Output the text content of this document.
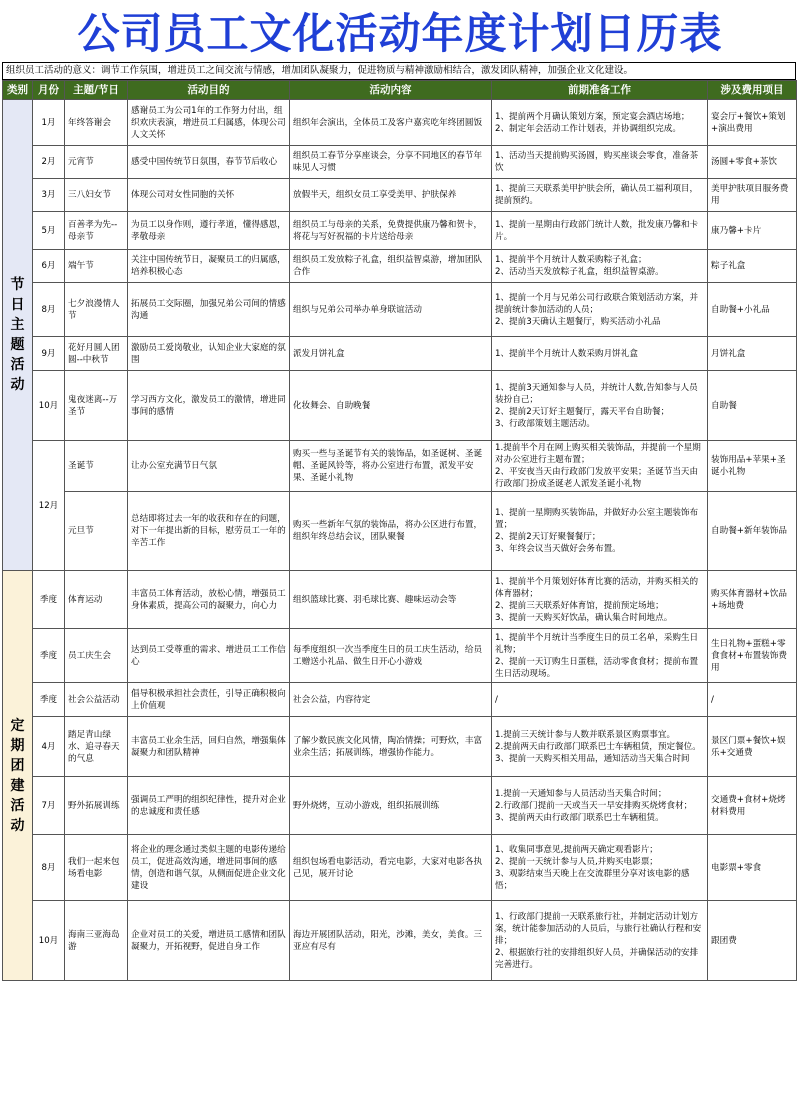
公司员工文化活动年度计划日历表
组织员工活动的意义：调节工作氛围，增进员工之间交流与情感，增加团队凝聚力，促进物质与精神激励相结合，激发团队精神，加强企业文化建设。
类别	月份	主题/节日	活动目的	活动内容	前期准备工作	涉及费用项目

节日主题活动	1月	年终答谢会	感谢员工为公司1年的工作努力付出，组织欢庆表演，增进员工归属感，体现公司人文关怀	组织年会演出，全体员工及客户嘉宾吃年终团圆饭	1、提前两个月确认策划方案，预定宴会酒店场地；
2、制定年会活动工作计划表，并协调组织完成。	宴会厅+餐饮+策划+演出费用
	2月	元宵节	感受中国传统节日氛围，春节节后收心	组织员工春节分享座谈会，分享不同地区的春节年味见人习惯	1、活动当天提前购买汤圆，购买座谈会零食，准备茶饮	汤圆+零食+茶饮
	3月	三八妇女节	体现公司对女性同胞的关怀	放假半天，组织女员工享受美甲、护肤保养	1、提前三天联系美甲护肤会所，确认员工福利项目，提前预约。	美甲护肤项目服务费用
	5月	百善孝为先--母亲节	为员工以身作则，遵行孝道，懂得感恩，孝敬母亲	组织员工与母亲的关系，免费提供康乃馨和贺卡，将花与写好祝福的卡片送给母亲	1、提前一星期由行政部门统计人数，批发康乃馨和卡片。	康乃馨+卡片
	6月	端午节	关注中国传统节日，凝聚员工的归属感，培养积极心态	组织员工发放粽子礼盒，组织益智桌游，增加团队合作	1、提前半个月统计人数采购粽子礼盒；
2、活动当天发放粽子礼盒，组织益智桌游。	粽子礼盒
	8月	七夕浪漫情人节	拓展员工交际圈，加强兄弟公司间的情感沟通	组织与兄弟公司举办单身联谊活动	1、提前一个月与兄弟公司行政联合策划活动方案，并提前统计参加活动的人员；
2、提前3天确认主题餐厅，购买活动小礼品	自助餐+小礼品
	9月	花好月圆人团圆--中秋节	激励员工爱岗敬业，认知企业大家庭的氛围	派发月饼礼盒	1、提前半个月统计人数采购月饼礼盒	月饼礼盒
	10月	鬼夜迷离--万圣节	学习西方文化，激发员工的激情，增进同事间的感情	化妆舞会、自助晚餐	1、提前3天通知参与人员，并统计人数,告知参与人员装扮自己；
2、提前2天订好主题餐厅，露天平台自助餐；
3、行政部策划主题活动。	自助餐
	12月	圣诞节	让办公室充满节日气氛	购买一些与圣诞节有关的装饰品，如圣诞树、圣诞帽、圣诞风铃等，将办公室进行布置，派发平安果、圣诞小礼物	1.提前半个月在网上购买相关装饰品，并提前一个星期对办公室进行主题布置；
2、平安夜当天由行政部门发放平安果；圣诞节当天由行政部门扮成圣诞老人派发圣诞小礼物	装饰用品+苹果+圣诞小礼物
		元旦节	总结即将过去一年的收获和存在的问题，对下一年提出新的目标，慰劳员工一年的辛苦工作	购买一些新年气氛的装饰品，将办公区进行布置，组织年终总结会议，团队聚餐	1、提前一星期购买装饰品，并做好办公室主题装饰布置；
2、提前2天订好聚餐餐厅；
3、年终会议当天做好会务布置。	自助餐+新年装饰品

定期团建活动	季度	体育运动	丰富员工体育活动，放松心情，增强员工身体素质，提高公司的凝聚力，向心力	组织篮球比赛、羽毛球比赛、趣味运动会等	1、提前半个月策划好体育比赛的活动，并购买相关的体育器材；
2、提前三天联系好体育馆，提前预定场地；
3、提前一天购买好饮品，确认集合时间地点。	购买体育器材+饮品+场地费
	季度	员工庆生会	达到员工受尊重的需求、增进员工工作信心	每季度组织一次当季度生日的员工庆生活动，给员工赠送小礼品、做生日开心小游戏	1、提前半个月统计当季度生日的员工名单，采购生日礼物；
2、提前一天订购生日蛋糕，活动零食食材；提前布置生日活动现场。	生日礼物+蛋糕+零食食材+布置装饰费用
	季度	社会公益活动	倡导积极承担社会责任，引导正确积极向上价值观	社会公益，内容待定	/	/
	4月	踏足青山绿水、追寻春天的气息	丰富员工业余生活，回归自然，增强集体凝聚力和团队精神	了解少数民族文化风情，陶冶情操；可野炊，丰富业余生活；拓展训练，增强协作能力。	1.提前三天统计参与人数并联系景区购票事宜。
2.提前两天由行政部门联系巴士车辆租赁，预定餐位。
3、提前一天购买相关用品，通知活动当天集合时间	景区门票+餐饮+娱乐+交通费
	7月	野外拓展训练	强调员工严明的组织纪律性，提升对企业的忠诚度和责任感	野外烧烤，互动小游戏，组织拓展训练	1.提前一天通知参与人员活动当天集合时间；
2.行政部门提前一天或当天一早安排购买烧烤食材；
3、提前两天由行政部门联系巴士车辆租赁。	交通费+食材+烧烤材料费用
	8月	我们一起来包场看电影	将企业的理念通过类似主题的电影传递给员工，促进高效沟通，增进同事间的感情，创造和谐气氛，从侧面促进企业文化建设	组织包场看电影活动，看完电影，大家对电影各执己见，展开讨论	1、收集同事意见,提前两天确定观看影片；
2、提前一天统计参与人员,并购买电影票；
3、观影结束当天晚上在交流群里分享对该电影的感悟；	电影票+零食
	10月	海南三亚海岛游	企业对员工的关爱，增进员工感情和团队凝聚力，开拓视野，促进自身工作	海边开展团队活动，阳光，沙滩，美女，美食。三亚应有尽有	1、行政部门提前一天联系旅行社，并制定活动计划方案，统计能参加活动的人员后，与旅行社确认行程和安排；
2、根据旅行社的安排组织好人员，并确保活动的安排完善进行。	跟团费
